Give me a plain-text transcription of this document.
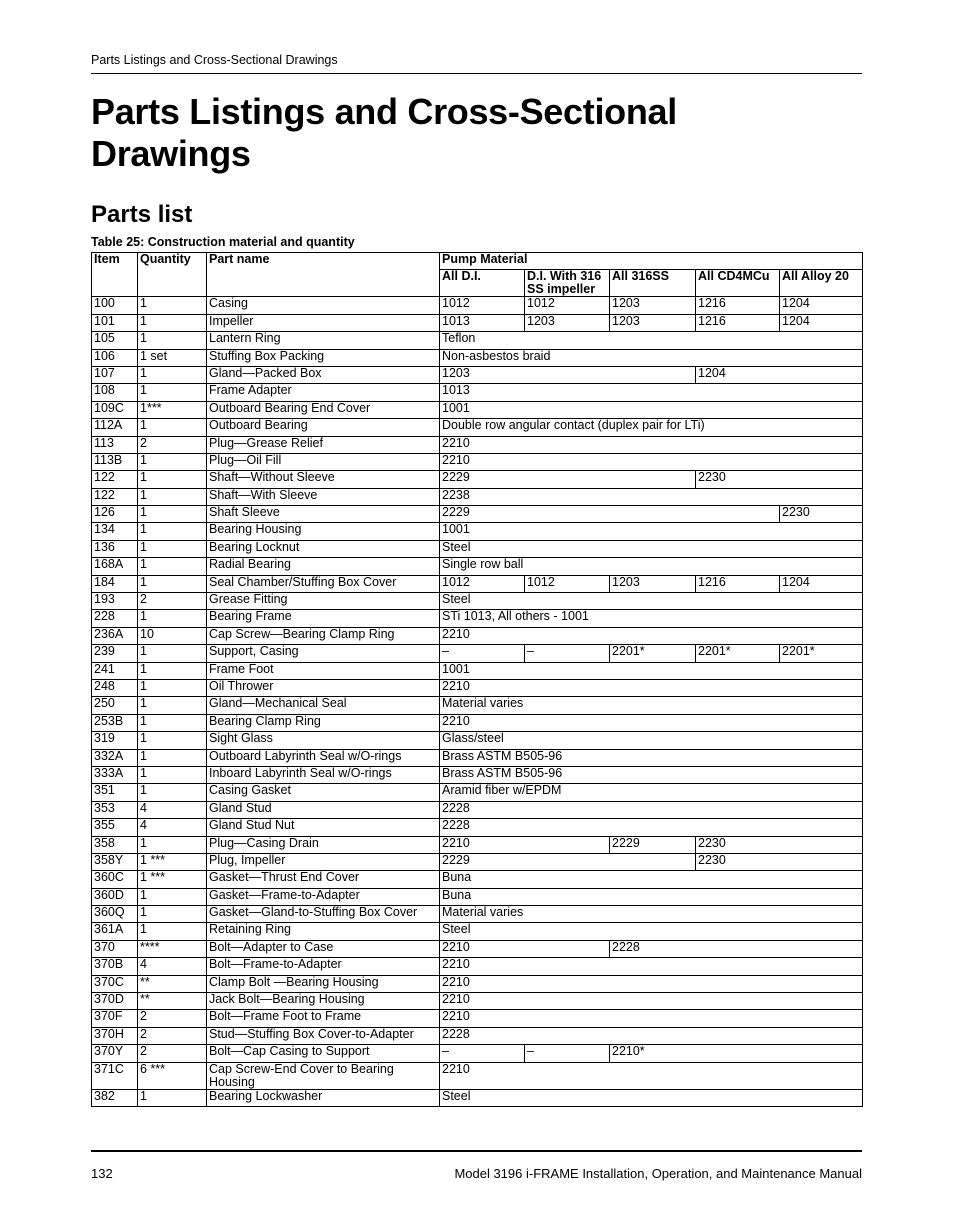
Parts Listings and Cross-Sectional Drawings
Parts Listings and Cross-Sectional Drawings
Parts list
Table 25: Construction material and quantity
Item	Quantity	Part name	Pump Material				
			All D.I.	D.I. With 316 SS impeller	All 316SS	All CD4MCu	All Alloy 20
100	1	Casing	1012	1012	1203	1216	1204
101	1	Impeller	1013	1203	1203	1216	1204
105	1	Lantern Ring	Teflon				
106	1 set	Stuffing Box Packing	Non-asbestos braid				
107	1	Gland—Packed Box	1203			1204	
108	1	Frame Adapter	1013				
109C	1***	Outboard Bearing End Cover	1001				
112A	1	Outboard Bearing	Double row angular contact (duplex pair for LTi)				
113	2	Plug—Grease Relief	2210				
113B	1	Plug—Oil Fill	2210				
122	1	Shaft—Without Sleeve	2229			2230	
122	1	Shaft—With Sleeve	2238				
126	1	Shaft Sleeve	2229				2230
134	1	Bearing Housing	1001				
136	1	Bearing Locknut	Steel				
168A	1	Radial Bearing	Single row ball				
184	1	Seal Chamber/Stuffing Box Cover	1012	1012	1203	1216	1204
193	2	Grease Fitting	Steel				
228	1	Bearing Frame	STi 1013, All others - 1001				
236A	10	Cap Screw—Bearing Clamp Ring	2210				
239	1	Support, Casing	–	–	2201*	2201*	2201*
241	1	Frame Foot	1001				
248	1	Oil Thrower	2210				
250	1	Gland—Mechanical Seal	Material varies				
253B	1	Bearing Clamp Ring	2210				
319	1	Sight Glass	Glass/steel				
332A	1	Outboard Labyrinth Seal w/O-rings	Brass ASTM B505-96				
333A	1	Inboard Labyrinth Seal w/O-rings	Brass ASTM B505-96				
351	1	Casing Gasket	Aramid fiber w/EPDM				
353	4	Gland Stud	2228				
355	4	Gland Stud Nut	2228				
358	1	Plug—Casing Drain	2210		2229	2230	
358Y	1 ***	Plug, Impeller	2229			2230	
360C	1 ***	Gasket—Thrust End Cover	Buna				
360D	1	Gasket—Frame-to-Adapter	Buna				
360Q	1	Gasket—Gland-to-Stuffing Box Cover	Material varies				
361A	1	Retaining Ring	Steel				
370	****	Bolt—Adapter to Case	2210		2228		
370B	4	Bolt—Frame-to-Adapter	2210				
370C	**	Clamp Bolt —Bearing Housing	2210				
370D	**	Jack Bolt—Bearing Housing	2210				
370F	2	Bolt—Frame Foot to Frame	2210				
370H	2	Stud—Stuffing Box Cover-to-Adapter	2228				
370Y	2	Bolt—Cap Casing to Support	–	–	2210*		
371C	6 ***	Cap Screw-End Cover to Bearing Housing	2210				
382	1	Bearing Lockwasher	Steel				
132	Model 3196 i-FRAME Installation, Operation, and Maintenance Manual
